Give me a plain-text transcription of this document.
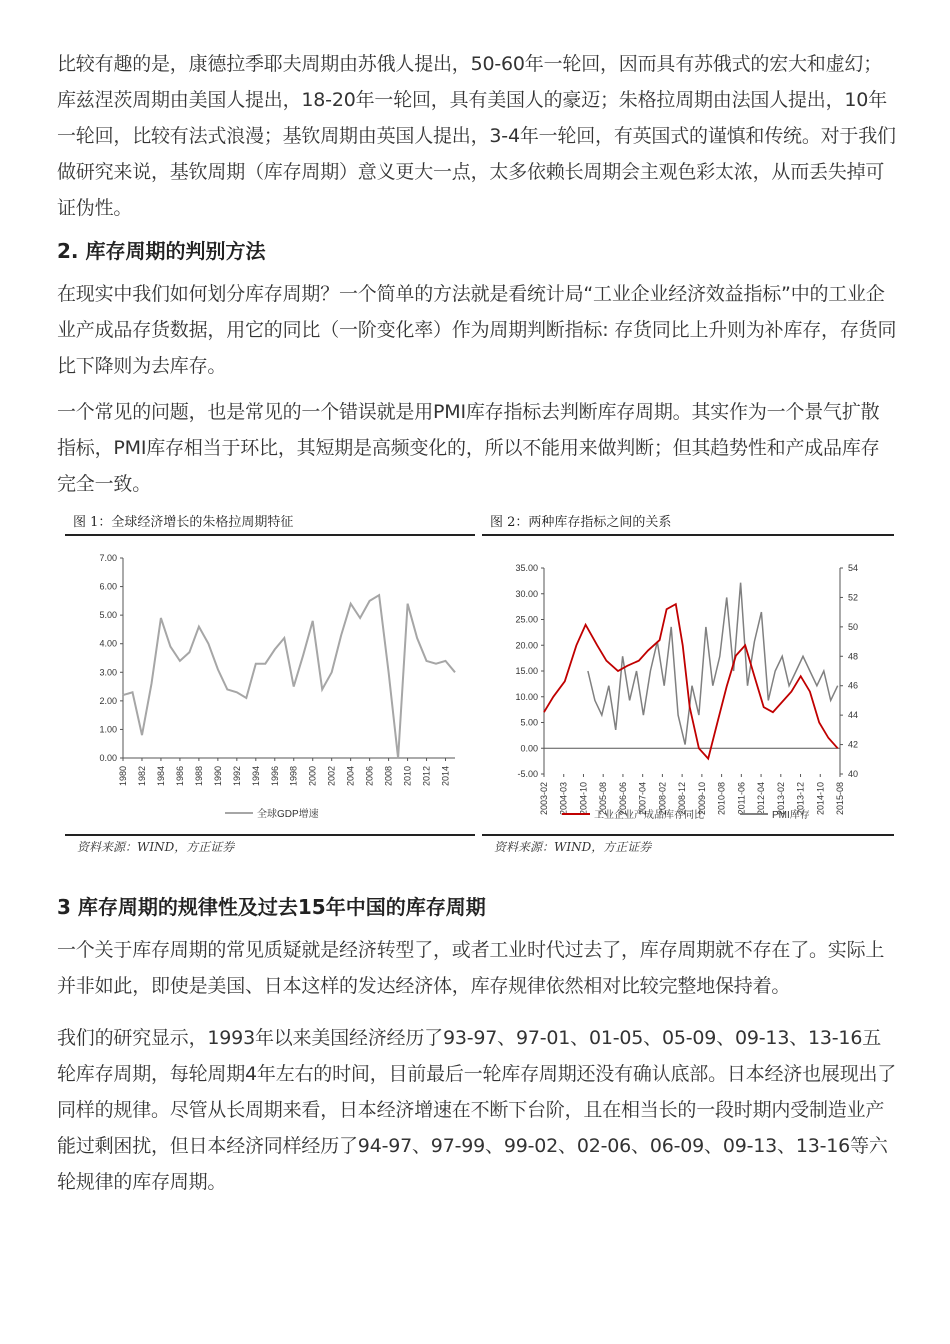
比较有趣的是，康德拉季耶夫周期由苏俄人提出，50-60年一轮回，因而具有苏俄式的宏大和虚幻；库兹涅茨周期由美国人提出，18-20年一轮回，具有美国人的豪迈；朱格拉周期由法国人提出，10年一轮回，比较有法式浪漫；基钦周期由英国人提出，3-4年一轮回，有英国式的谨慎和传统。对于我们做研究来说，基钦周期（库存周期）意义更大一点，太多依赖长周期会主观色彩太浓，从而丢失掉可证伪性。

2. 库存周期的判别方法

在现实中我们如何划分库存周期？一个简单的方法就是看统计局“工业企业经济效益指标”中的工业企业产成品存货数据，用它的同比（一阶变化率）作为周期判断指标: 存货同比上升则为补库存，存货同比下降则为去库存。

一个常见的问题，也是常见的一个错误就是用PMI库存指标去判断库存周期。其实作为一个景气扩散指标，PMI库存相当于环比，其短期是高频变化的，所以不能用来做判断；但其趋势性和产成品库存完全一致。

图 1：全球经济增长的朱格拉周期特征
7.00
6.00
5.00
4.00
3.00
2.00
1.00
0.00
1980 1982 1984 1986 1988 1990 1992 1994 1996 1998 2000 2002 2004 2006 2008 2010 2012 2014
全球GDP增速
资料来源：WIND，方正证券
图 2：两种库存指标之间的关系
35.00
30.00
25.00
20.00
15.00
10.00
5.00
0.00
-5.00
54
52
50
48
46
44
42
40
2003-02 2004-03 2004-10 2005-08 2006-06 2007-04 2008-02 2008-12 2009-10 2010-08 2011-06 2012-04 2013-02 2013-12 2014-10 2015-08
工业企业产成品库存同比	PMI库存
资料来源：WIND，方正证券
3 库存周期的规律性及过去15年中国的库存周期

一个关于库存周期的常见质疑就是经济转型了，或者工业时代过去了，库存周期就不存在了。实际上并非如此，即使是美国、日本这样的发达经济体，库存规律依然相对比较完整地保持着。

我们的研究显示，1993年以来美国经济经历了93-97、97-01、01-05、05-09、09-13、13-16五轮库存周期，每轮周期4年左右的时间，目前最后一轮库存周期还没有确认底部。日本经济也展现出了同样的规律。尽管从长周期来看，日本经济增速在不断下台阶，且在相当长的一段时期内受制造业产能过剩困扰，但日本经济同样经历了94-97、97-99、99-02、02-06、06-09、09-13、13-16等六轮规律的库存周期。
